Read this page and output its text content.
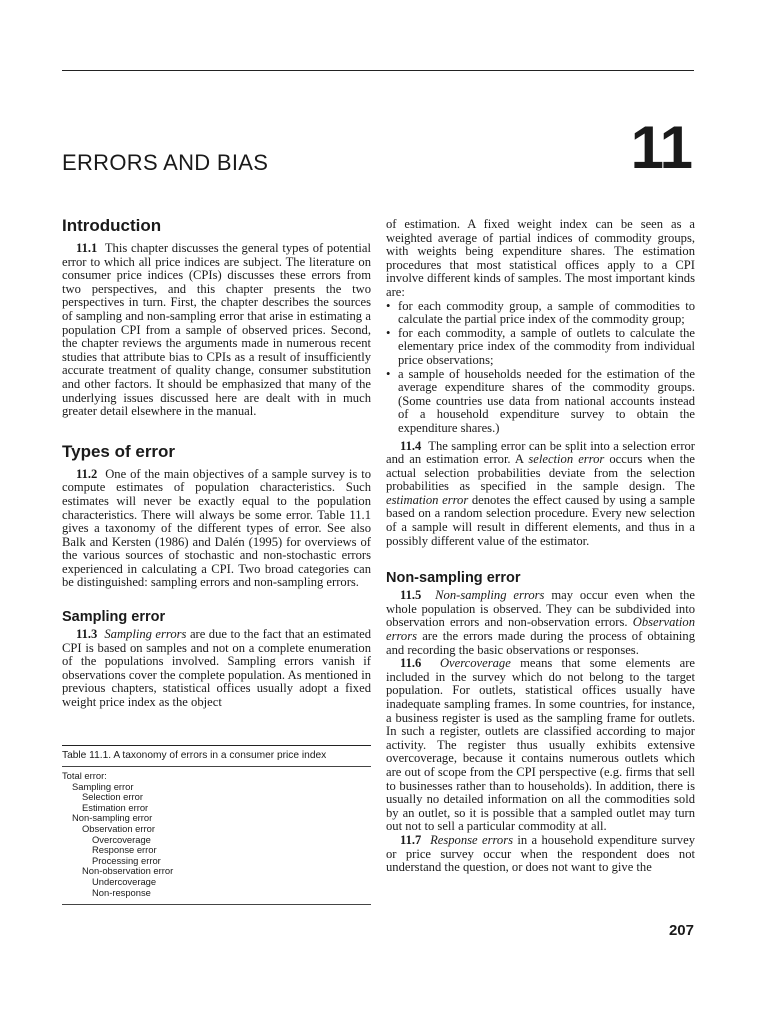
ERRORS AND BIAS	11
Introduction

11.1 This chapter discusses the general types of potential error to which all price indices are subject. The literature on consumer price indices (CPIs) discusses these errors from two perspectives, and this chapter presents the two perspectives in turn. First, the chapter describes the sources of sampling and non-sampling error that arise in estimating a population CPI from a sample of observed prices. Second, the chapter reviews the arguments made in numerous recent studies that attribute bias to CPIs as a result of insufficiently accurate treatment of quality change, consumer substitution and other factors. It should be emphasized that many of the underlying issues discussed here are dealt with in much greater detail elsewhere in the manual.

Types of error

11.2 One of the main objectives of a sample survey is to compute estimates of population characteristics. Such estimates will never be exactly equal to the population characteristics. There will always be some error. Table 11.1 gives a taxonomy of the different types of error. See also Balk and Kersten (1986) and Dalén (1995) for overviews of the various sources of stochastic and non-stochastic errors experienced in calculating a CPI. Two broad categories can be distinguished: sampling errors and non-sampling errors.

Sampling error

11.3 Sampling errors are due to the fact that an estimated CPI is based on samples and not on a complete enumeration of the populations involved. Sampling errors vanish if observations cover the complete population. As mentioned in previous chapters, statistical offices usually adopt a fixed weight price index as the object

Table 11.1. A taxonomy of errors in a consumer price index
Total error:
Sampling error
Selection error
Estimation error
Non-sampling error
Observation error
Overcoverage
Response error
Processing error
Non-observation error
Undercoverage
Non-response

of estimation. A fixed weight index can be seen as a weighted average of partial indices of commodity groups, with weights being expenditure shares. The estimation procedures that most statistical offices apply to a CPI involve different kinds of samples. The most important kinds are:

• for each commodity group, a sample of commodities to calculate the partial price index of the commodity group;
• for each commodity, a sample of outlets to calculate the elementary price index of the commodity from individual price observations;
• a sample of households needed for the estimation of the average expenditure shares of the commodity groups. (Some countries use data from national accounts instead of a household expenditure survey to obtain the expenditure shares.)

11.4 The sampling error can be split into a selection error and an estimation error. A selection error occurs when the actual selection probabilities deviate from the selection probabilities as specified in the sample design. The estimation error denotes the effect caused by using a sample based on a random selection procedure. Every new selection of a sample will result in different elements, and thus in a possibly different value of the estimator.

Non-sampling error

11.5 Non-sampling errors may occur even when the whole population is observed. They can be subdivided into observation errors and non-observation errors. Observation errors are the errors made during the process of obtaining and recording the basic observations or responses.

11.6 Overcoverage means that some elements are included in the survey which do not belong to the target population. For outlets, statistical offices usually have inadequate sampling frames. In some countries, for instance, a business register is used as the sampling frame for outlets. In such a register, outlets are classified according to major activity. The register thus usually exhibits extensive overcoverage, because it contains numerous outlets which are out of scope from the CPI perspective (e.g. firms that sell to businesses rather than to households). In addition, there is usually no detailed information on all the commodities sold by an outlet, so it is possible that a sampled outlet may turn out not to sell a particular commodity at all.

11.7 Response errors in a household expenditure survey or price survey occur when the respondent does not understand the question, or does not want to give the

207
